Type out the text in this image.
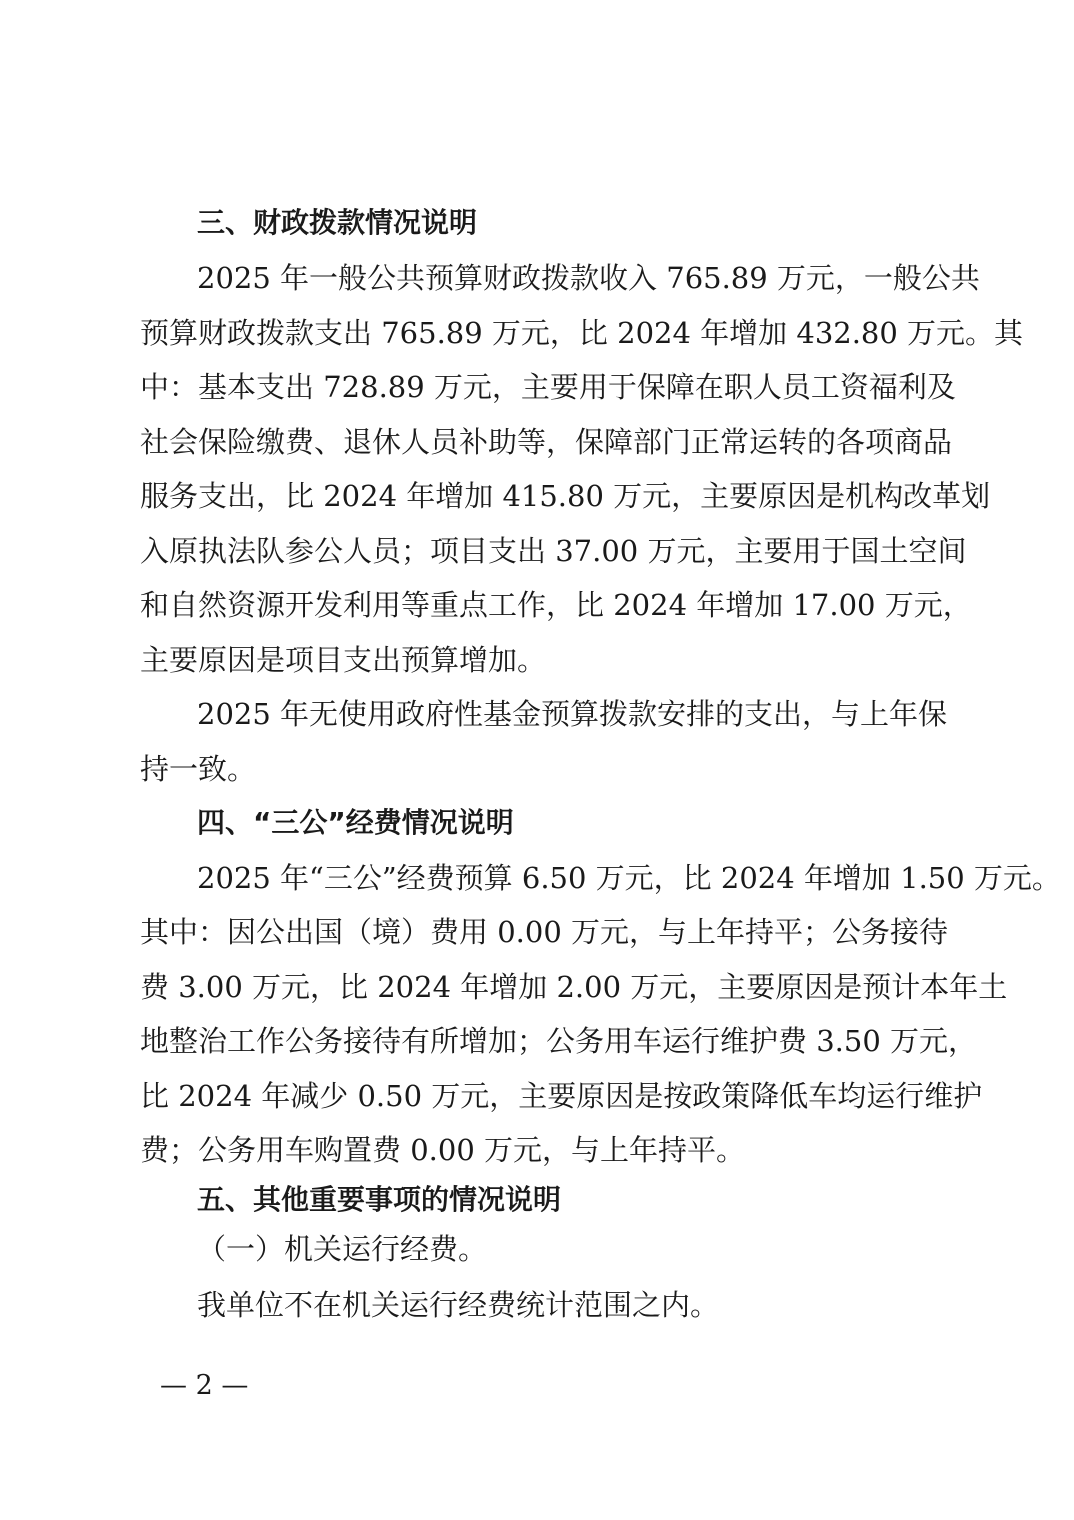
三、财政拨款情况说明
2025 年一般公共预算财政拨款收入 765.89 万元，一般公共
预算财政拨款支出 765.89 万元，比 2024 年增加 432.80 万元。其
中：基本支出 728.89 万元，主要用于保障在职人员工资福利及
社会保险缴费、退休人员补助等，保障部门正常运转的各项商品
服务支出，比 2024 年增加 415.80 万元，主要原因是机构改革划
入原执法队参公人员；项目支出 37.00 万元，主要用于国土空间
和自然资源开发利用等重点工作，比 2024 年增加 17.00 万元，
主要原因是项目支出预算增加。
2025 年无使用政府性基金预算拨款安排的支出，与上年保
持一致。
四、“三公”经费情况说明
2025 年“三公”经费预算 6.50 万元，比 2024 年增加 1.50 万元。
其中：因公出国（境）费用 0.00 万元，与上年持平；公务接待
费 3.00 万元，比 2024 年增加 2.00 万元，主要原因是预计本年土
地整治工作公务接待有所增加；公务用车运行维护费 3.50 万元，
比 2024 年减少 0.50 万元，主要原因是按政策降低车均运行维护
费；公务用车购置费 0.00 万元，与上年持平。
五、其他重要事项的情况说明
（一）机关运行经费。
我单位不在机关运行经费统计范围之内。
— 2 —
